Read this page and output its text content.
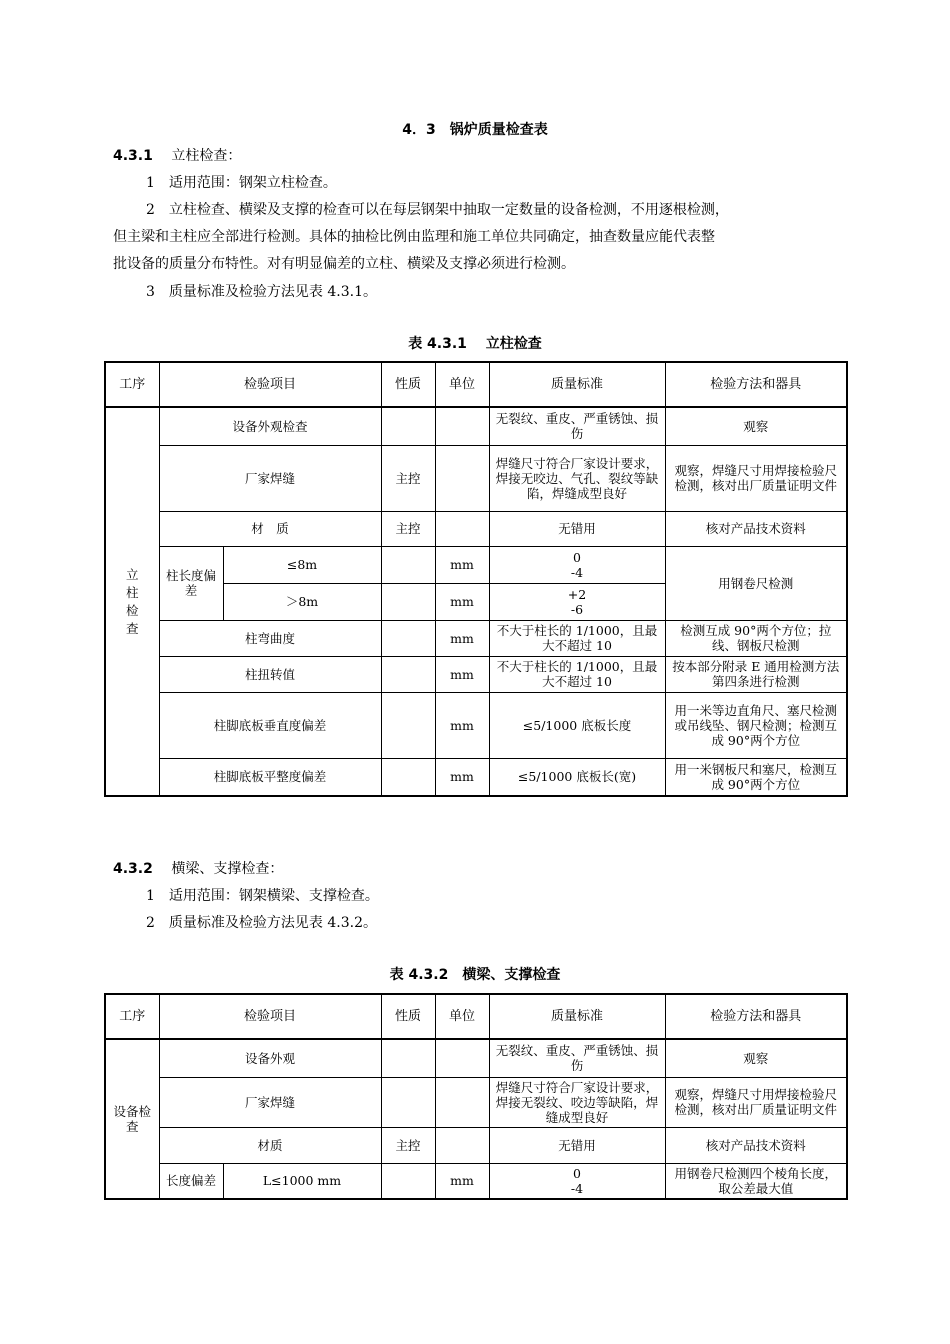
4．3　锅炉质量检查表
4.3.1 立柱检查：
1　适用范围：钢架立柱检查。
2　立柱检查、横梁及支撑的检查可以在每层钢架中抽取一定数量的设备检测，不用逐根检测，
但主梁和主柱应全部进行检测。具体的抽检比例由监理和施工单位共同确定，抽查数量应能代表整
批设备的质量分布特性。对有明显偏差的立柱、横梁及支撑必须进行检测。
3　质量标准及检验方法见表 4.3.1。
表 4.3.1　 立柱检查
工序	检验项目		性质	单位	质量标准	检验方法和器具
立柱检查	设备外观检查				无裂纹、重皮、严重锈蚀、损伤	观察
	厂家焊缝		主控		焊缝尺寸符合厂家设计要求，焊接无咬边、气孔、裂纹等缺陷，焊缝成型良好	观察，焊缝尺寸用焊接检验尺检测，核对出厂质量证明文件
	材　质		主控		无错用	核对产品技术资料
	柱长度偏差	≤8m		mm	0
-4	用钢卷尺检测
		＞8m		mm	+2
-6	
	柱弯曲度			mm	不大于柱长的 1/1000，且最大不超过 10	检测互成 90°两个方位；拉线、钢板尺检测
	柱扭转值			mm	不大于柱长的 1/1000，且最大不超过 10	按本部分附录 E 通用检测方法第四条进行检测
	柱脚底板垂直度偏差			mm	≤5/1000 底板长度	用一米等边直角尺、塞尺检测或吊线坠、钢尺检测；检测互成 90°两个方位
	柱脚底板平整度偏差			mm	≤5/1000 底板长(宽)	用一米钢板尺和塞尺，检测互成 90°两个方位
4.3.2 横梁、支撑检查：
1　适用范围：钢架横梁、支撑检查。
2　质量标准及检验方法见表 4.3.2。
表 4.3.2　横梁、支撑检查
工序	检验项目		性质	单位	质量标准	检验方法和器具
设备检查	设备外观				无裂纹、重皮、严重锈蚀、损伤	观察
	厂家焊缝				焊缝尺寸符合厂家设计要求，焊接无裂纹、咬边等缺陷，焊缝成型良好	观察，焊缝尺寸用焊接检验尺检测，核对出厂质量证明文件
	材质		主控		无错用	核对产品技术资料
	长度偏差	L≤1000 mm		mm	0
-4	用钢卷尺检测四个棱角长度，取公差最大值
